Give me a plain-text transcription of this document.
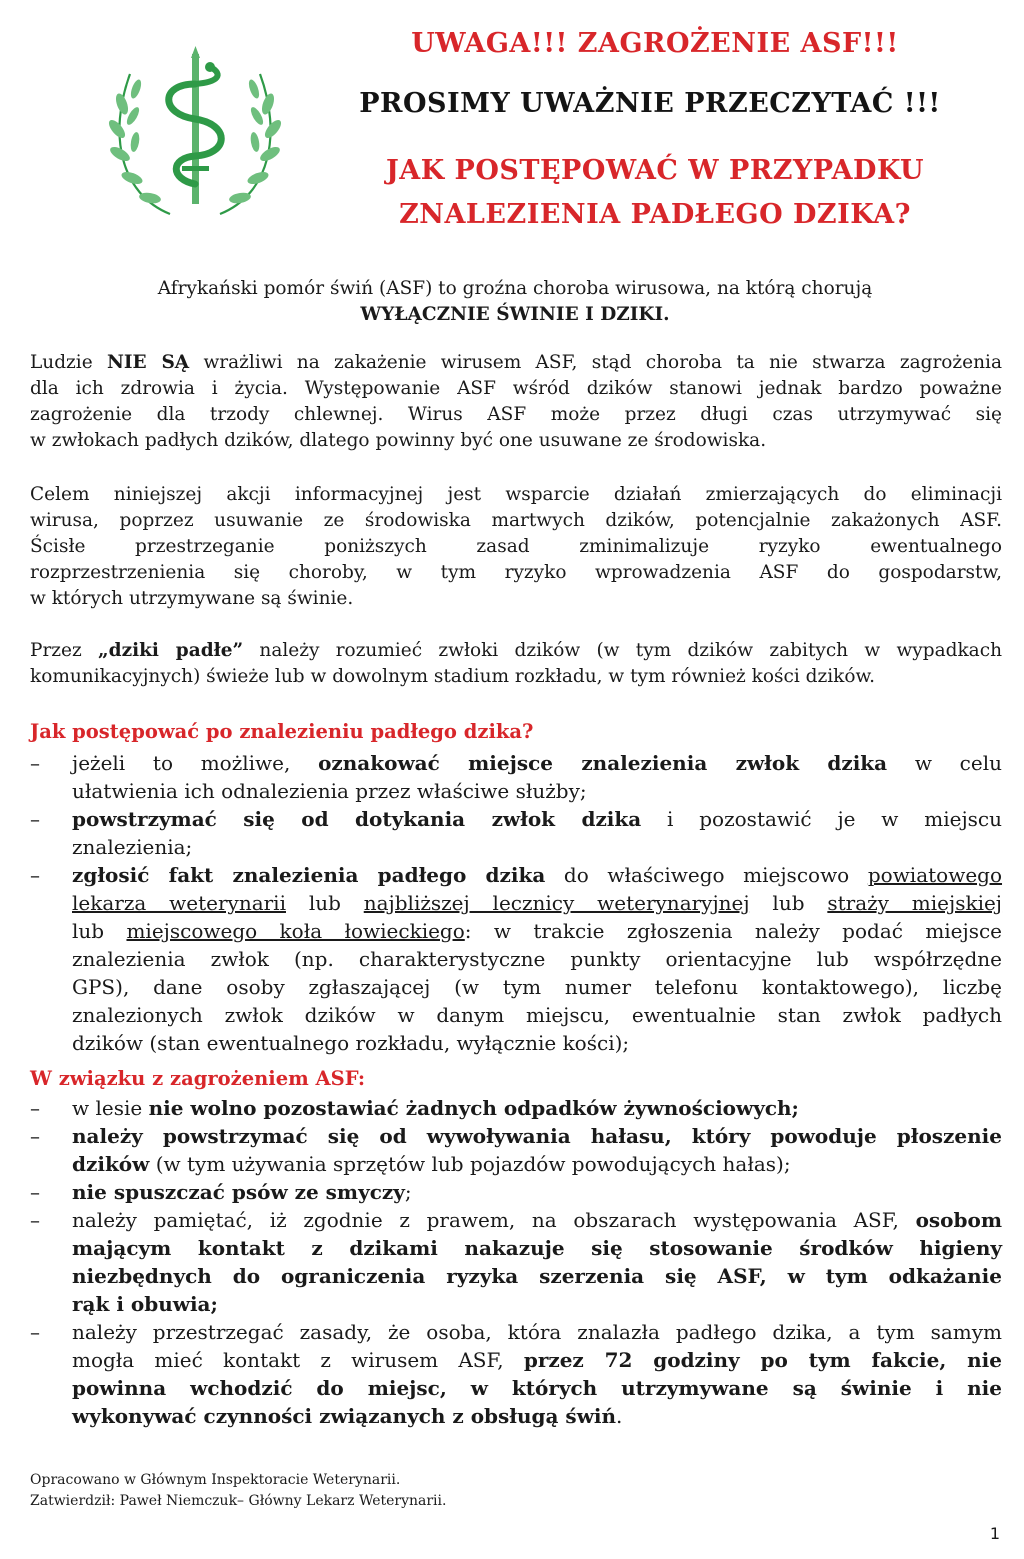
UWAGA!!! ZAGROŻENIE ASF!!!
PROSIMY UWAŻNIE PRZECZYTAĆ !!!
JAK POSTĘPOWAĆ W PRZYPADKU
ZNALEZIENIA PADŁEGO DZIKA?
Afrykański pomór świń (ASF) to groźna choroba wirusowa, na którą chorują
WYŁĄCZNIE ŚWINIE I DZIKI.
Ludzie NIE SĄ wrażliwi na zakażenie wirusem ASF, stąd choroba ta nie stwarza zagrożenia
dla ich zdrowia i życia. Występowanie ASF wśród dzików stanowi jednak bardzo poważne
zagrożenie dla trzody chlewnej. Wirus ASF może przez długi czas utrzymywać się
w zwłokach padłych dzików, dlatego powinny być one usuwane ze środowiska.
Celem niniejszej akcji informacyjnej jest wsparcie działań zmierzających do eliminacji
wirusa, poprzez usuwanie ze środowiska martwych dzików, potencjalnie zakażonych ASF.
Ścisłe przestrzeganie poniższych zasad zminimalizuje ryzyko ewentualnego
rozprzestrzenienia się choroby, w tym ryzyko wprowadzenia ASF do gospodarstw,
w których utrzymywane są świnie.
Przez „dziki padłe” należy rozumieć zwłoki dzików (w tym dzików zabitych w wypadkach
komunikacyjnych) świeże lub w dowolnym stadium rozkładu, w tym również kości dzików.
Jak postępować po znalezieniu padłego dzika?
–	jeżeli to możliwe, oznakować miejsce znalezienia zwłok dzika w celu
ułatwienia ich odnalezienia przez właściwe służby;
–	powstrzymać się od dotykania zwłok dzika i pozostawić je w miejscu
znalezienia;
–	zgłosić fakt znalezienia padłego dzika do właściwego miejscowo powiatowego
lekarza weterynarii lub najbliższej lecznicy weterynaryjnej lub straży miejskiej
lub miejscowego koła łowieckiego: w trakcie zgłoszenia należy podać miejsce
znalezienia zwłok (np. charakterystyczne punkty orientacyjne lub współrzędne
GPS), dane osoby zgłaszającej (w tym numer telefonu kontaktowego), liczbę
znalezionych zwłok dzików w danym miejscu, ewentualnie stan zwłok padłych
dzików (stan ewentualnego rozkładu, wyłącznie kości);
W związku z zagrożeniem ASF:
–	w lesie nie wolno pozostawiać żadnych odpadków żywnościowych;
–	należy powstrzymać się od wywoływania hałasu, który powoduje płoszenie
dzików (w tym używania sprzętów lub pojazdów powodujących hałas);
–	nie spuszczać psów ze smyczy;
–	należy pamiętać, iż zgodnie z prawem, na obszarach występowania ASF, osobom
mającym kontakt z dzikami nakazuje się stosowanie środków higieny
niezbędnych do ograniczenia ryzyka szerzenia się ASF, w tym odkażanie
rąk i obuwia;
–	należy przestrzegać zasady, że osoba, która znalazła padłego dzika, a tym samym
mogła mieć kontakt z wirusem ASF, przez 72 godziny po tym fakcie, nie
powinna wchodzić do miejsc, w których utrzymywane są świnie i nie
wykonywać czynności związanych z obsługą świń.
Opracowano w Głównym Inspektoracie Weterynarii.
Zatwierdził: Paweł Niemczuk– Główny Lekarz Weterynarii.
1
